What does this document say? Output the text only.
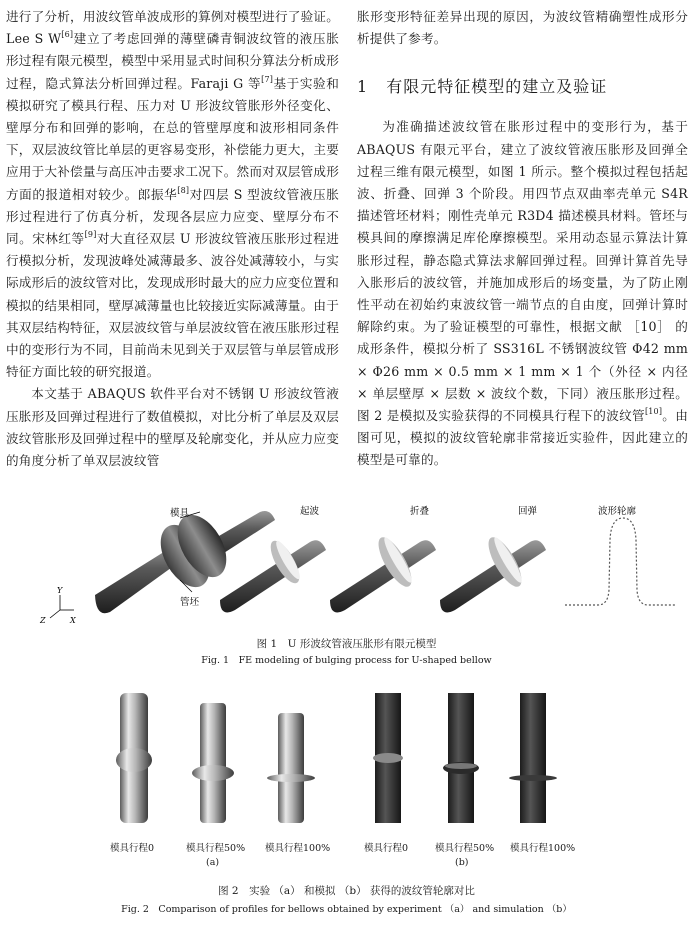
进行了分析，用波纹管单波成形的算例对模型进行了验证。Lee S W[6]建立了考虑回弹的薄壁磷青铜波纹管的液压胀形过程有限元模型，模型中采用显式时间积分算法分析成形过程，隐式算法分析回弹过程。Faraji G 等[7]基于实验和模拟研究了模具行程、压力对 U 形波纹管胀形外径变化、壁厚分布和回弹的影响，在总的管壁厚度和波形相同条件下，双层波纹管比单层的更容易变形，补偿能力更大，主要应用于大补偿量与高压冲击要求工况下。然而对双层管成形方面的报道相对较少。郎振华[8]对四层 S 型波纹管液压胀形过程进行了仿真分析，发现各层应力应变、壁厚分布不同。宋林红等[9]对大直径双层 U 形波纹管液压胀形过程进行模拟分析，发现波峰处减薄最多、波谷处减薄较小，与实际成形后的波纹管对比，发现成形时最大的应力应变位置和模拟的结果相同，壁厚减薄量也比较接近实际减薄量。由于其双层结构特征，双层波纹管与单层波纹管在液压胀形过程中的变形行为不同，目前尚未见到关于双层管与单层管成形特征方面比较的研究报道。

本文基于 ABAQUS 软件平台对不锈钢 U 形波纹管液压胀形及回弹过程进行了数值模拟，对比分析了单层及双层波纹管胀形及回弹过程中的壁厚及轮廓变化，并从应力应变的角度分析了单双层波纹管

胀形变形特征差异出现的原因，为波纹管精确塑性成形分析提供了参考。

1 有限元特征模型的建立及验证

为准确描述波纹管在胀形过程中的变形行为，基于 ABAQUS 有限元平台，建立了波纹管液压胀形及回弹全过程三维有限元模型，如图 1 所示。整个模拟过程包括起波、折叠、回弹 3 个阶段。用四节点双曲率壳单元 S4R 描述管坯材料；刚性壳单元 R3D4 描述模具材料。管坯与模具间的摩擦满足库伦摩擦模型。采用动态显示算法计算胀形过程，静态隐式算法求解回弹过程。回弹计算首先导入胀形后的波纹管，并施加成形后的场变量，为了防止刚性平动在初始约束波纹管一端节点的自由度，回弹计算时解除约束。为了验证模型的可靠性，根据文献 ［10］ 的成形条件，模拟分析了 SS316L 不锈钢波纹管 Φ42 mm × Φ26 mm × 0.5 mm × 1 mm × 1 个（外径 × 内径 × 单层壁厚 × 层数 × 波纹个数，下同）液压胀形过程。图 2 是模拟及实验获得的不同模具行程下的波纹管[10]。由图可见，模拟的波纹管轮廓非常接近实验件，因此建立的模型是可靠的。

模具
管坯
Y
Z	X
起波	折叠	回弹	波形轮廓
图 1　U 形波纹管液压胀形有限元模型
Fig. 1　FE modeling of bulging process for U-shaped bellow
模具行程0	模具行程50% 模具行程100%	模具行程0	模具行程50% 模具行程100%
(a)	(b)
图 2　实验 （a） 和模拟 （b） 获得的波纹管轮廓对比
Fig. 2　Comparison of profiles for bellows obtained by experiment （a） and simulation （b）
